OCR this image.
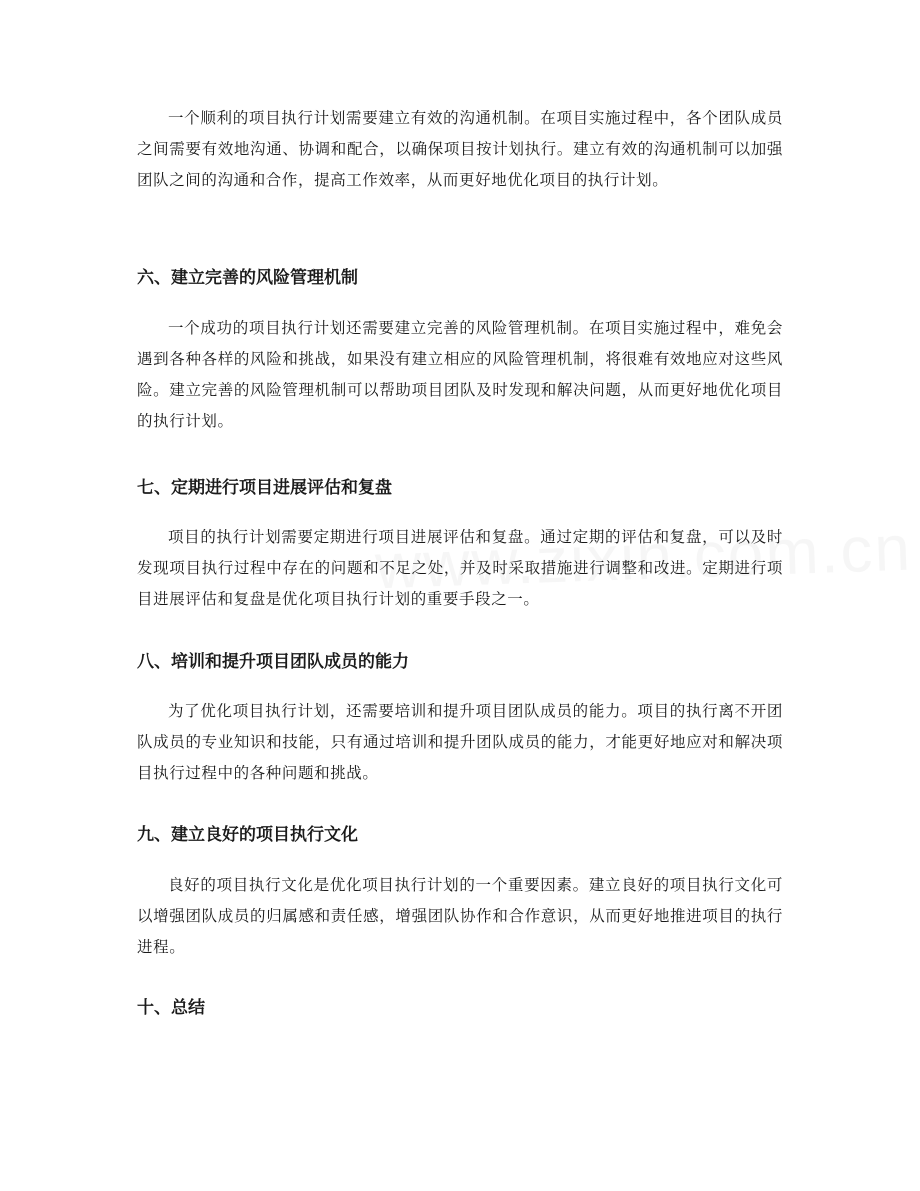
一个顺利的项目执行计划需要建立有效的沟通机制。在项目实施过程中，各个团队成员之间需要有效地沟通、协调和配合，以确保项目按计划执行。建立有效的沟通机制可以加强团队之间的沟通和合作，提高工作效率，从而更好地优化项目的执行计划。

六、建立完善的风险管理机制

一个成功的项目执行计划还需要建立完善的风险管理机制。在项目实施过程中，难免会遇到各种各样的风险和挑战，如果没有建立相应的风险管理机制，将很难有效地应对这些风险。建立完善的风险管理机制可以帮助项目团队及时发现和解决问题，从而更好地优化项目的执行计划。

七、定期进行项目进展评估和复盘

项目的执行计划需要定期进行项目进展评估和复盘。通过定期的评估和复盘，可以及时发现项目执行过程中存在的问题和不足之处，并及时采取措施进行调整和改进。定期进行项目进展评估和复盘是优化项目执行计划的重要手段之一。

八、培训和提升项目团队成员的能力

为了优化项目执行计划，还需要培训和提升项目团队成员的能力。项目的执行离不开团队成员的专业知识和技能，只有通过培训和提升团队成员的能力，才能更好地应对和解决项目执行过程中的各种问题和挑战。

九、建立良好的项目执行文化

良好的项目执行文化是优化项目执行计划的一个重要因素。建立良好的项目执行文化可以增强团队成员的归属感和责任感，增强团队协作和合作意识，从而更好地推进项目的执行进程。

十、总结
